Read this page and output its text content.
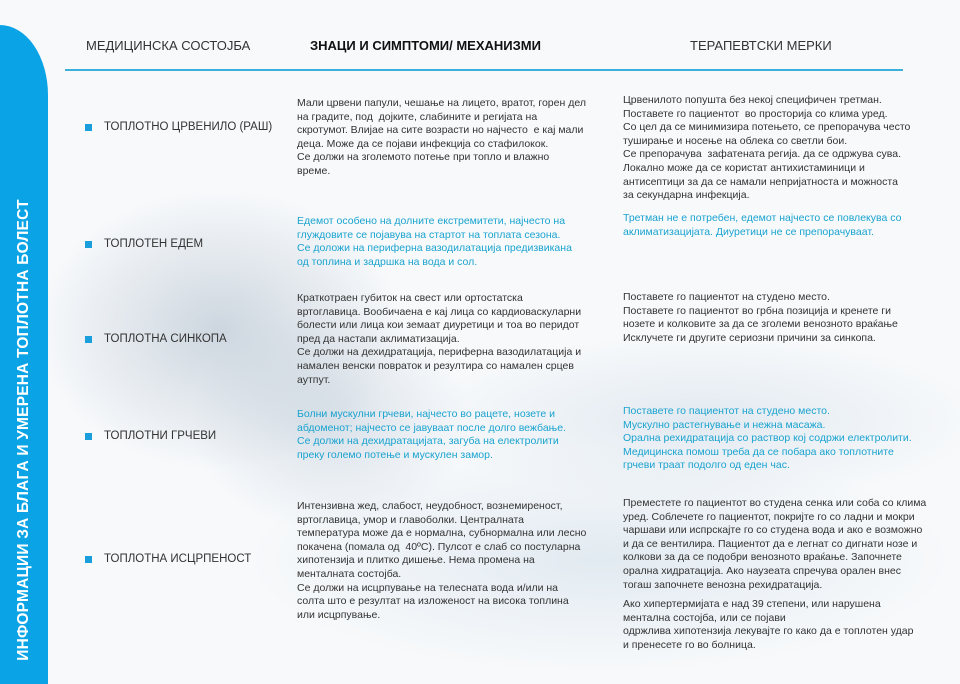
ИНФОРМАЦИИ ЗА БЛАГА И УМЕРЕНА ТОПЛОТНА БОЛЕСТ
МЕДИЦИНСКА СОСТОЈБА	ЗНАЦИ И СИМПТОМИ/ МЕХАНИЗМИ	ТЕРАПЕВТСКИ МЕРКИ
ТОПЛОТНО ЦРВЕНИЛО (РАШ)
Мали црвени папули, чешање на лицето, вратот, горен дел
на градите, под  дојките, слабините и регијата на
скротумот. Влијае на сите возрасти но најчесто  е кај мали
деца. Може да се појави инфекција со стафилокок.
Се должи на зголемото потење при топло и влажно
време.
Црвенилото попушта без некој специфичен третман.
Поставете го пациентот  во просторија со клима уред.
Со цел да се минимизира потењето, се препорачува често
туширање и носење на облека со светли бои.
Се препорачува  зафатената регија. да се одржува сува.
Локално може да се користат антихистаминици и
антисептици за да се намали непријатноста и можноста
за секундарна инфекција.
ТОПЛОТЕН ЕДЕМ
Едемот особено на долните екстремитети, најчесто на
глуждовите се појавува на стартот на топлата сезона.
Се доложи на периферна вазодилатација предизвикана
од топлина и задршка на вода и сол.
Третман не е потребен, едемот најчесто се повлекува со
аклиматизацијата. Диуретици не се препорачуваат.
ТОПЛОТНА СИНКОПА
Краткотраен губиток на свест или ортостатска
вртоглавица. Вообичаена е кај лица со кардиоваскуларни
болести или лица кои земаат диуретици и тоа во перидот
пред да настапи аклиматизација.
Се должи на дехидратација, периферна вазодилатација и
намален венски повраток и резултира со намален срцев
аутпут.
Поставете го пациентот на студено место.
Поставете го пациентот во грбна позиција и кренете ги
нозете и колковите за да се зголеми венозното враќање
Исклучете ги другите сериозни причини за синкопа.
ТОПЛОТНИ ГРЧЕВИ
Болни мускулни грчеви, најчесто во рацете, нозете и
абдоменот; најчесто се јавуваат после долго вежбање.
Се должи на дехидратацијата, загуба на електролити
преку големо потење и мускулен замор.
Поставете го пациентот на студено место.
Мускулно растегнување и нежна масажа.
Орална рехидратација со раствор кој содржи електролити.
Медицинска помош треба да се побара ако топлотните
грчеви траат подолго од еден час.
ТОПЛОТНА ИСЦРПЕНОСТ
Интензивна жед, слабост, неудобност, вознемиреност,
вртоглавица, умор и главоболки. Централната
температура може да е нормална, субнормална или лесно
покачена (помала од  40ºC). Пулсот е слаб со постуларна
хипотензија и плитко дишење. Нема промена на
менталната состојба.
Се должи на исцрпување на телесната вода и/или на
солта што е резултат на изложеност на висока топлина
или исцрпување.
Преместете го пациентот во студена сенка или соба со клима
уред. Соблечете го пациентот, покријте го со ладни и мокри
чаршави или испрскајте го со студена вода и ако е возможно
и да се вентилира. Пациентот да е легнат со дигнати нозе и
колкови за да се подобри венозното враќање. Започнете
орална хидратација. Ако наузеата спречува орален внес
тогаш започнете венозна рехидратација.
Ако хипертермијата е над 39 степени, или нарушена
ментална состојба, или се појави
одржлива хипотензија лекувајте го како да е топлотен удар
и пренесете го во болница.
